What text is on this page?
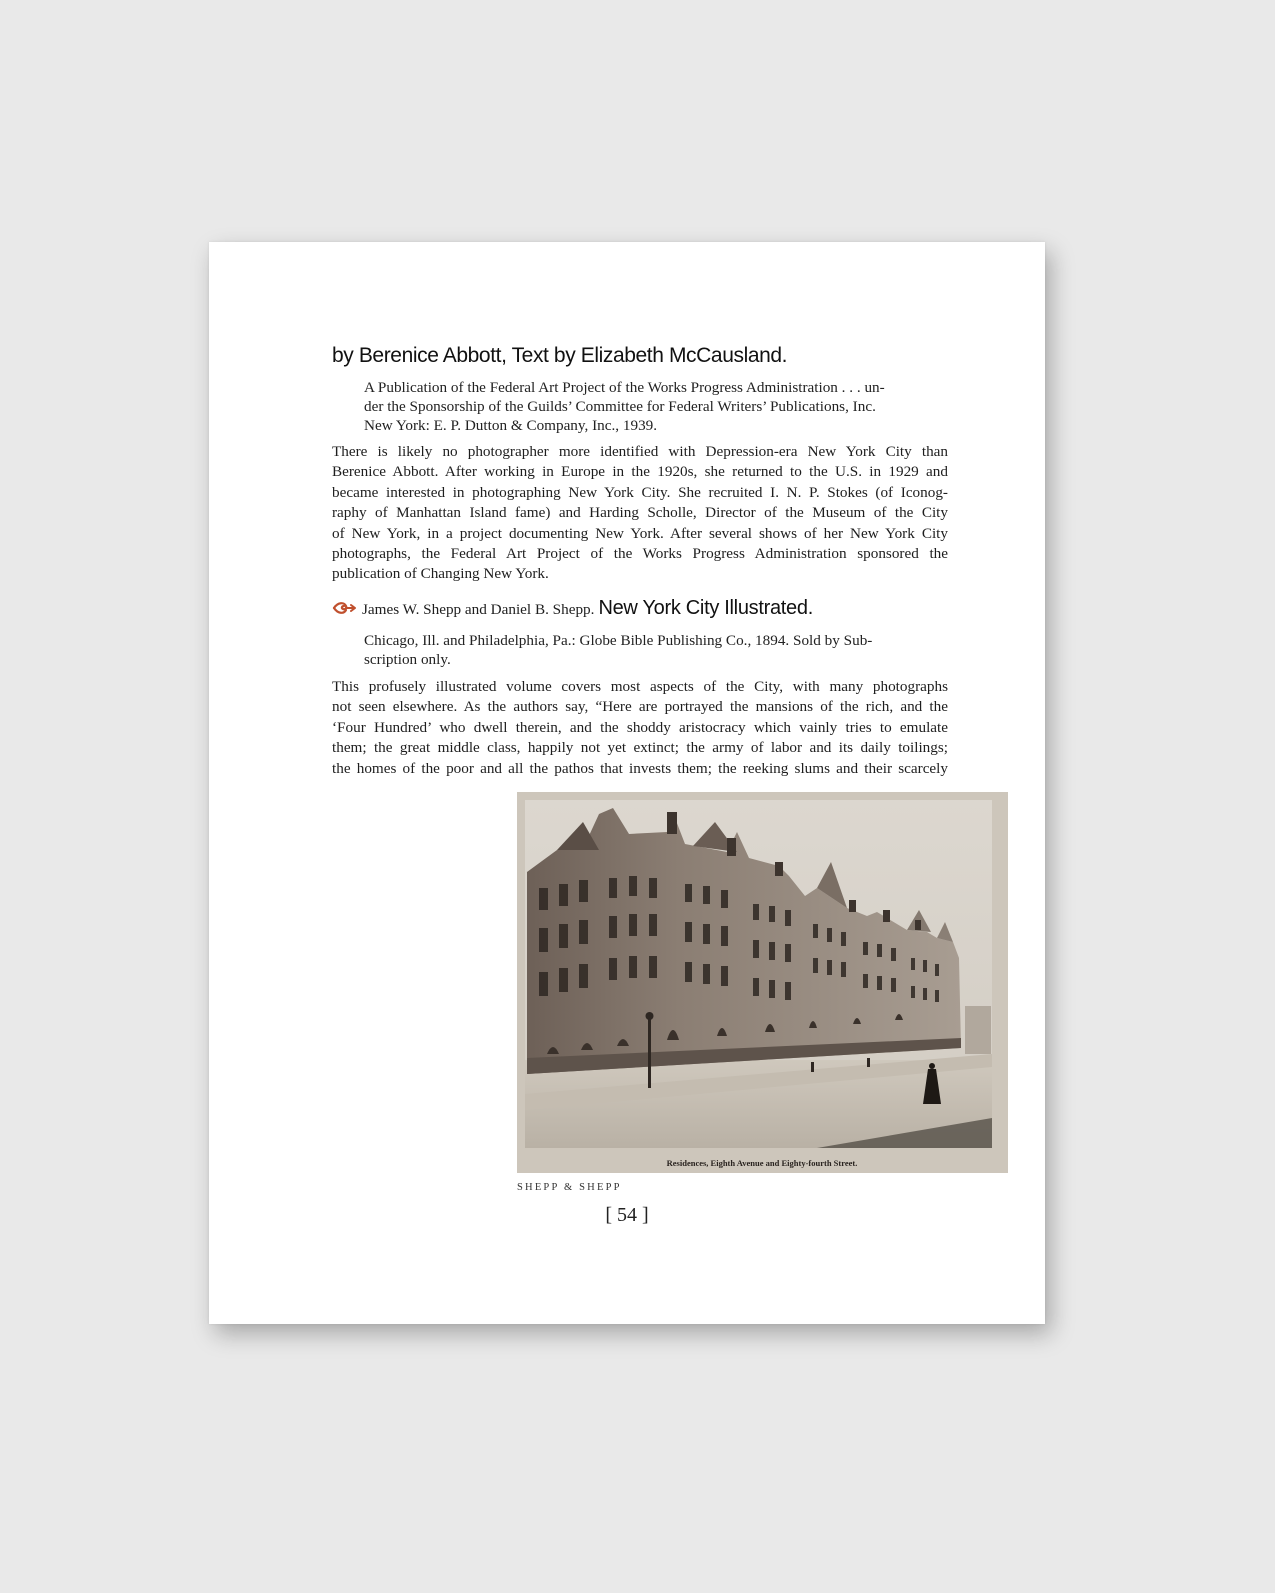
by Berenice Abbott, Text by Elizabeth McCausland.
A Publication of the Federal Art Project of the Works Progress Administration . . . un-
der the Sponsorship of the Guilds’ Committee for Federal Writers’ Publications, Inc.
New York: E. P. Dutton & Company, Inc., 1939.
There is likely no photographer more identified with Depression-era New York City than
Berenice Abbott. After working in Europe in the 1920s, she returned to the U.S. in 1929 and
became interested in photographing New York City. She recruited I. N. P. Stokes (of Iconog-
raphy of Manhattan Island fame) and Harding Scholle, Director of the Museum of the City
of New York, in a project documenting New York. After several shows of her New York City
photographs, the Federal Art Project of the Works Progress Administration sponsored the
publication of Changing New York.
James W. Shepp and Daniel B. Shepp. New York City Illustrated.
Chicago, Ill. and Philadelphia, Pa.: Globe Bible Publishing Co., 1894. Sold by Sub-
scription only.
This profusely illustrated volume covers most aspects of the City, with many photographs
not seen elsewhere. As the authors say, “Here are portrayed the mansions of the rich, and the
‘Four Hundred’ who dwell therein, and the shoddy aristocracy which vainly tries to emulate
them; the great middle class, happily not yet extinct; the army of labor and its daily toilings;
the homes of the poor and all the pathos that invests them; the reeking slums and their scarcely
Residences, Eighth Avenue and Eighty-fourth Street.
SHEPP & SHEPP
[ 54 ]
